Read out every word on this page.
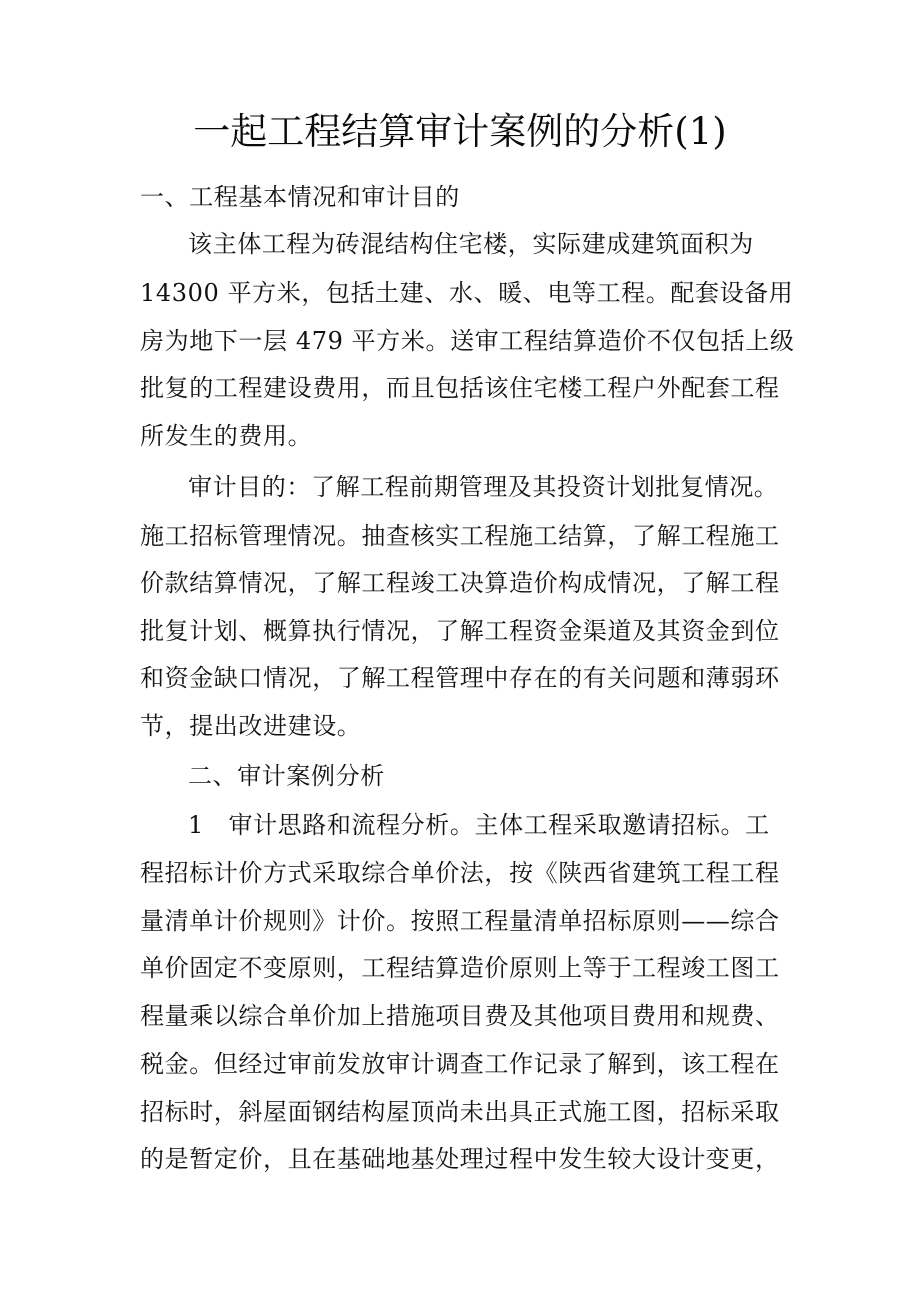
一起工程结算审计案例的分析(1)

一、工程基本情况和审计目的

该主体工程为砖混结构住宅楼，实际建成建筑面积为

14300 平方米，包括土建、水、暖、电等工程。配套设备用

房为地下一层 479 平方米。送审工程结算造价不仅包括上级

批复的工程建设费用，而且包括该住宅楼工程户外配套工程

所发生的费用。

审计目的：了解工程前期管理及其投资计划批复情况。

施工招标管理情况。抽查核实工程施工结算，了解工程施工

价款结算情况，了解工程竣工决算造价构成情况，了解工程

批复计划、概算执行情况，了解工程资金渠道及其资金到位

和资金缺口情况，了解工程管理中存在的有关问题和薄弱环

节，提出改进建设。

二、审计案例分析

1　审计思路和流程分析。主体工程采取邀请招标。工

程招标计价方式采取综合单价法，按《陕西省建筑工程工程

量清单计价规则》计价。按照工程量清单招标原则——综合

单价固定不变原则，工程结算造价原则上等于工程竣工图工

程量乘以综合单价加上措施项目费及其他项目费用和规费、

税金。但经过审前发放审计调查工作记录了解到，该工程在

招标时，斜屋面钢结构屋顶尚未出具正式施工图，招标采取

的是暂定价，且在基础地基处理过程中发生较大设计变更，
